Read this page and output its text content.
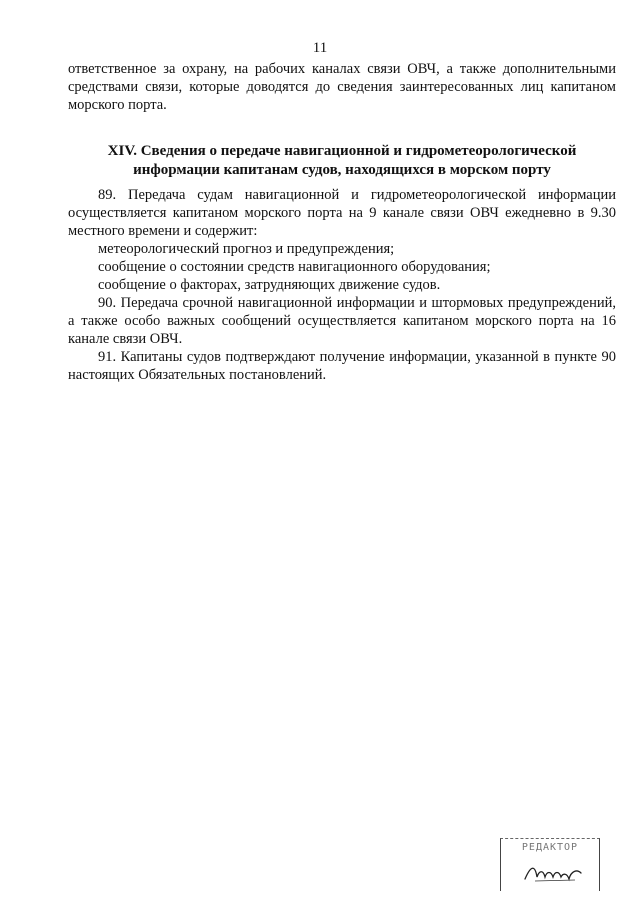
11
ответственное за охрану, на рабочих каналах связи ОВЧ, а также дополнительными
средствами связи, которые доводятся до сведения заинтересованных лиц капитаном
морского порта.
XIV. Сведения о передаче навигационной и гидрометеорологической
информации капитанам судов, находящихся в морском порту

89. Передача судам навигационной и гидрометеорологической информации осуществляется капитаном морского порта на 9 канале связи ОВЧ ежедневно в 9.30 местного времени и содержит:

метеорологический прогноз и предупреждения;

сообщение о состоянии средств навигационного оборудования;

сообщение о факторах, затрудняющих движение судов.

90. Передача срочной навигационной информации и штормовых предупреждений, а также особо важных сообщений осуществляется капитаном морского порта на 16 канале связи ОВЧ.

91. Капитаны судов подтверждают получение информации, указанной в пункте 90 настоящих Обязательных постановлений.

РЕДАКТОР
